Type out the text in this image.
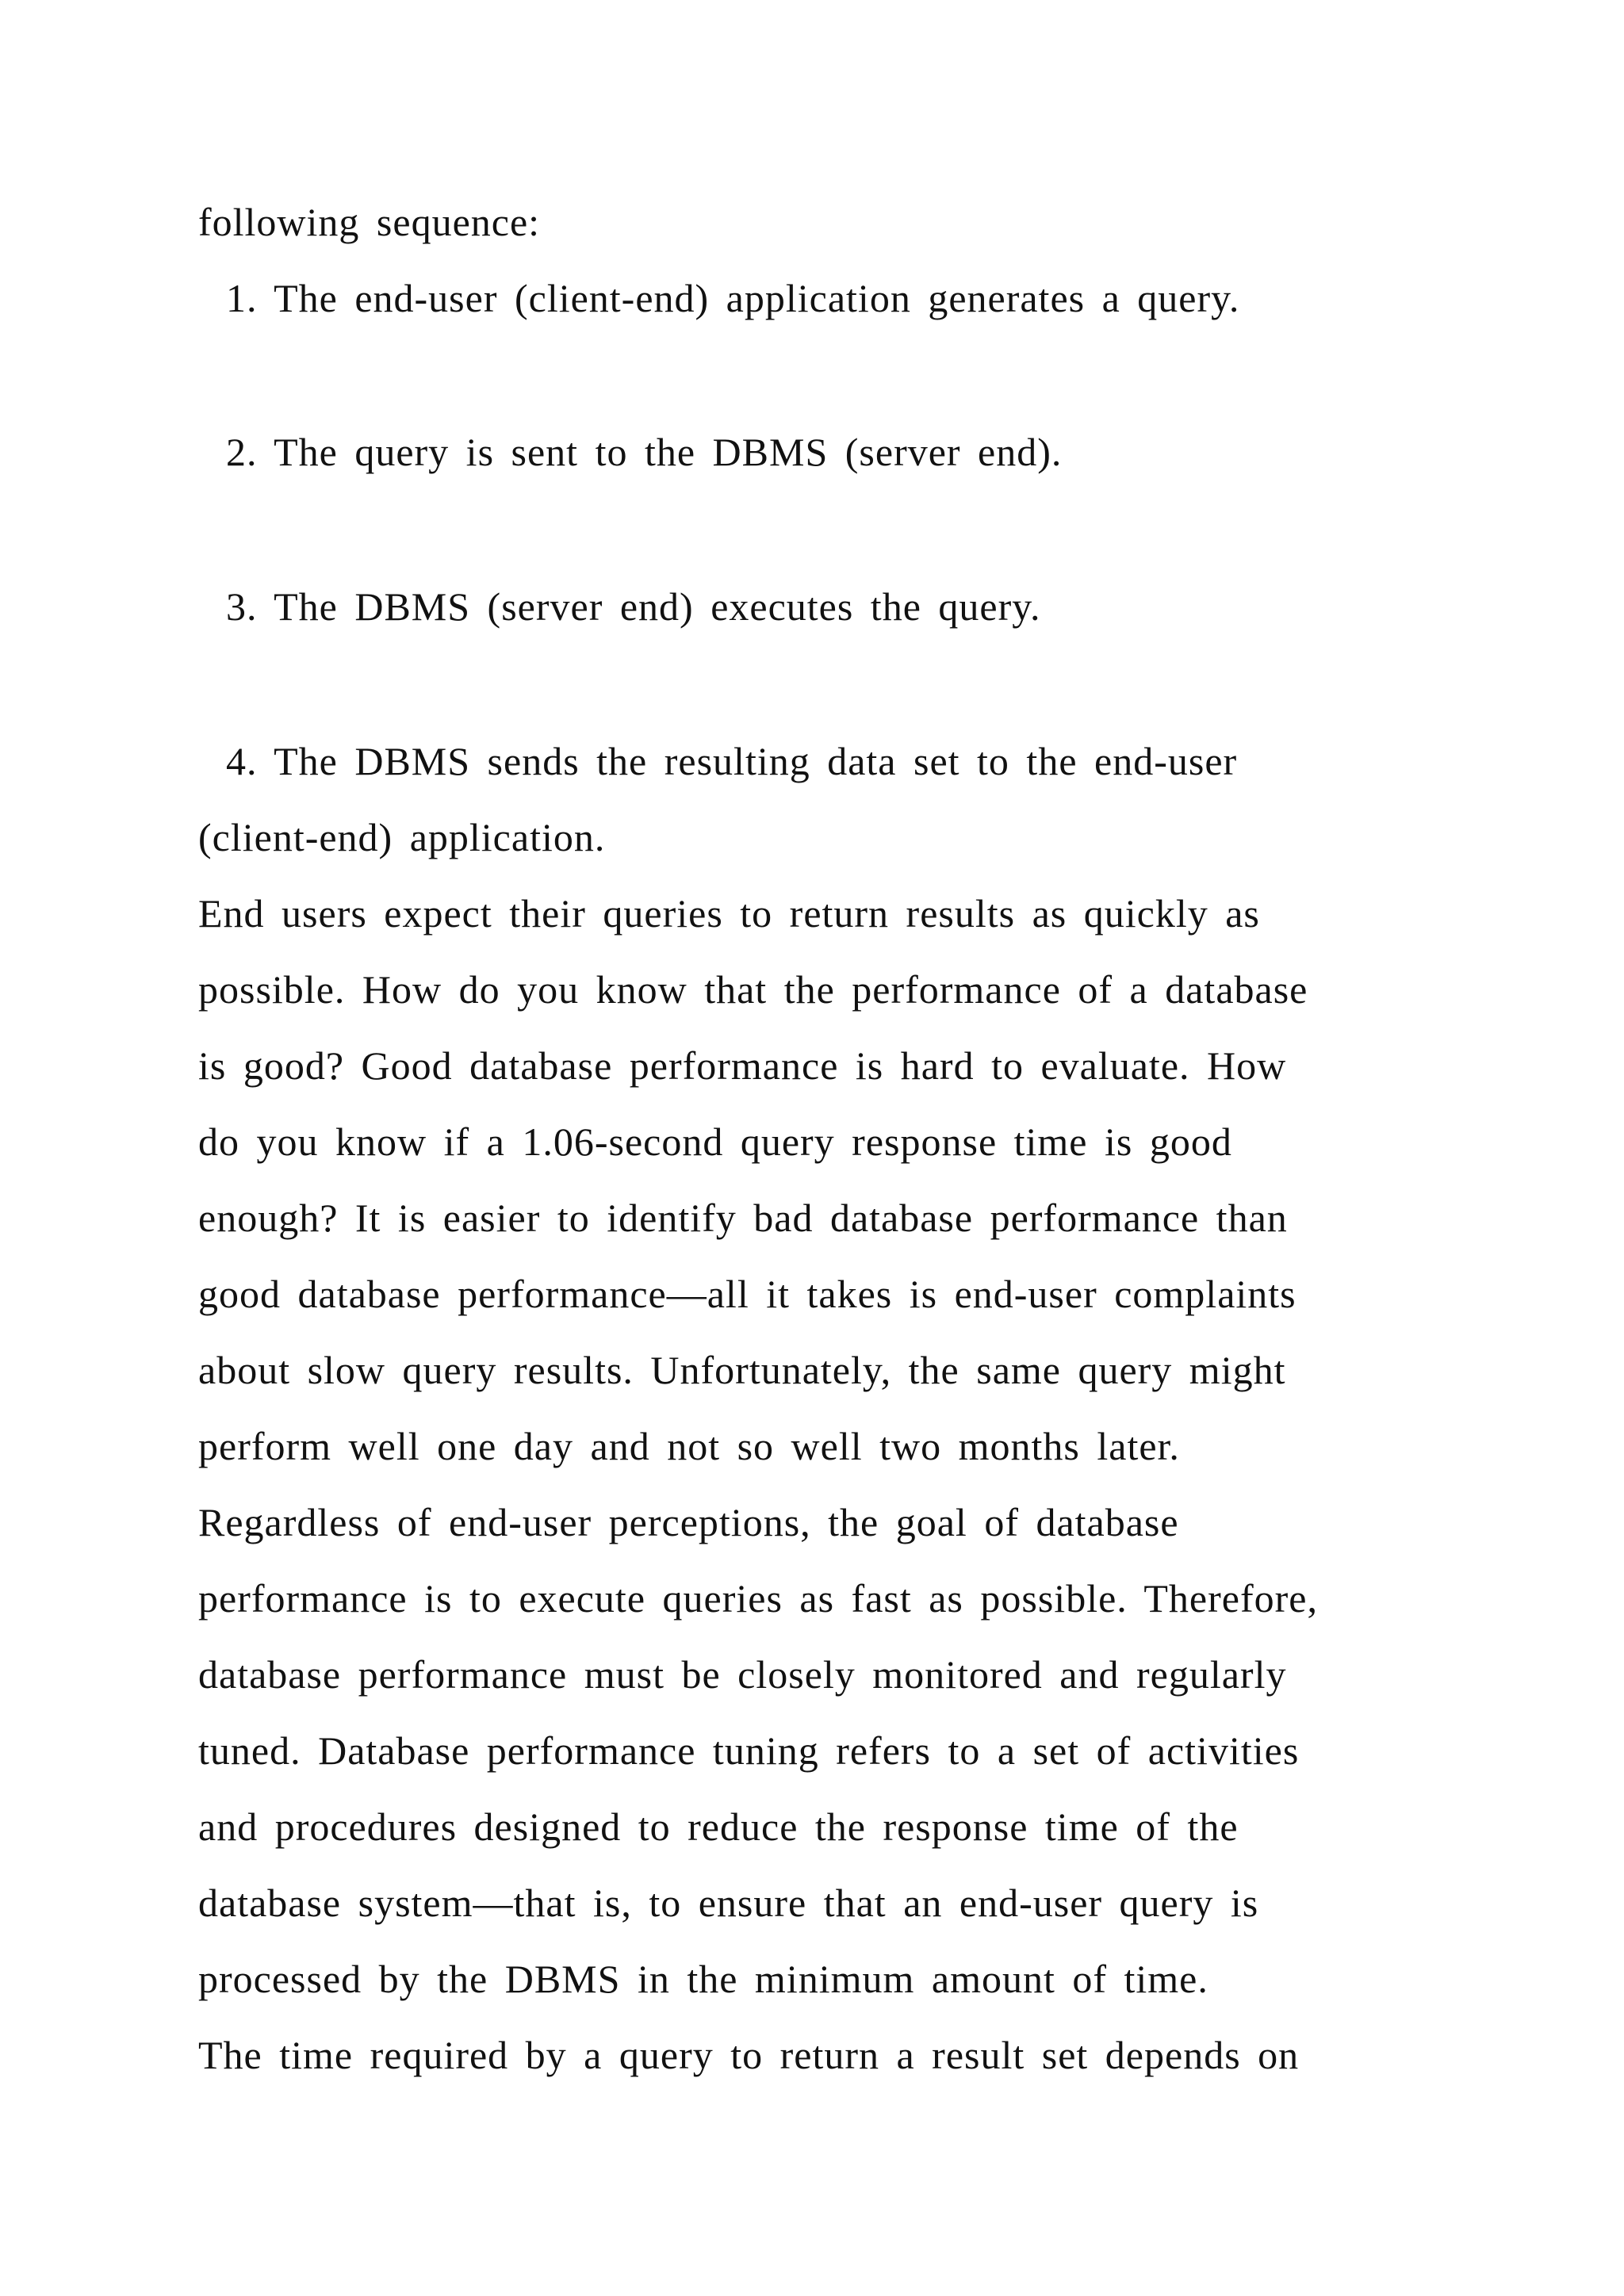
following sequence:
1. The end-user (client-end) application generates a query.
2. The query is sent to the DBMS (server end).
3. The DBMS (server end) executes the query.
4. The DBMS sends the resulting data set to the end-user
(client-end) application.
End users expect their queries to return results as quickly as
possible. How do you know that the performance of a database
is good? Good database performance is hard to evaluate. How
do you know if a 1.06-second query response time is good
enough? It is easier to identify bad database performance than
good database performance—all it takes is end-user complaints
about slow query results. Unfortunately, the same query might
perform well one day and not so well two months later.
Regardless of end-user perceptions, the goal of database
performance is to execute queries as fast as possible. Therefore,
database performance must be closely monitored and regularly
tuned. Database performance tuning refers to a set of activities
and procedures designed to reduce the response time of the
database system—that is, to ensure that an end-user query is
processed by the DBMS in the minimum amount of time.
The time required by a query to return a result set depends on
